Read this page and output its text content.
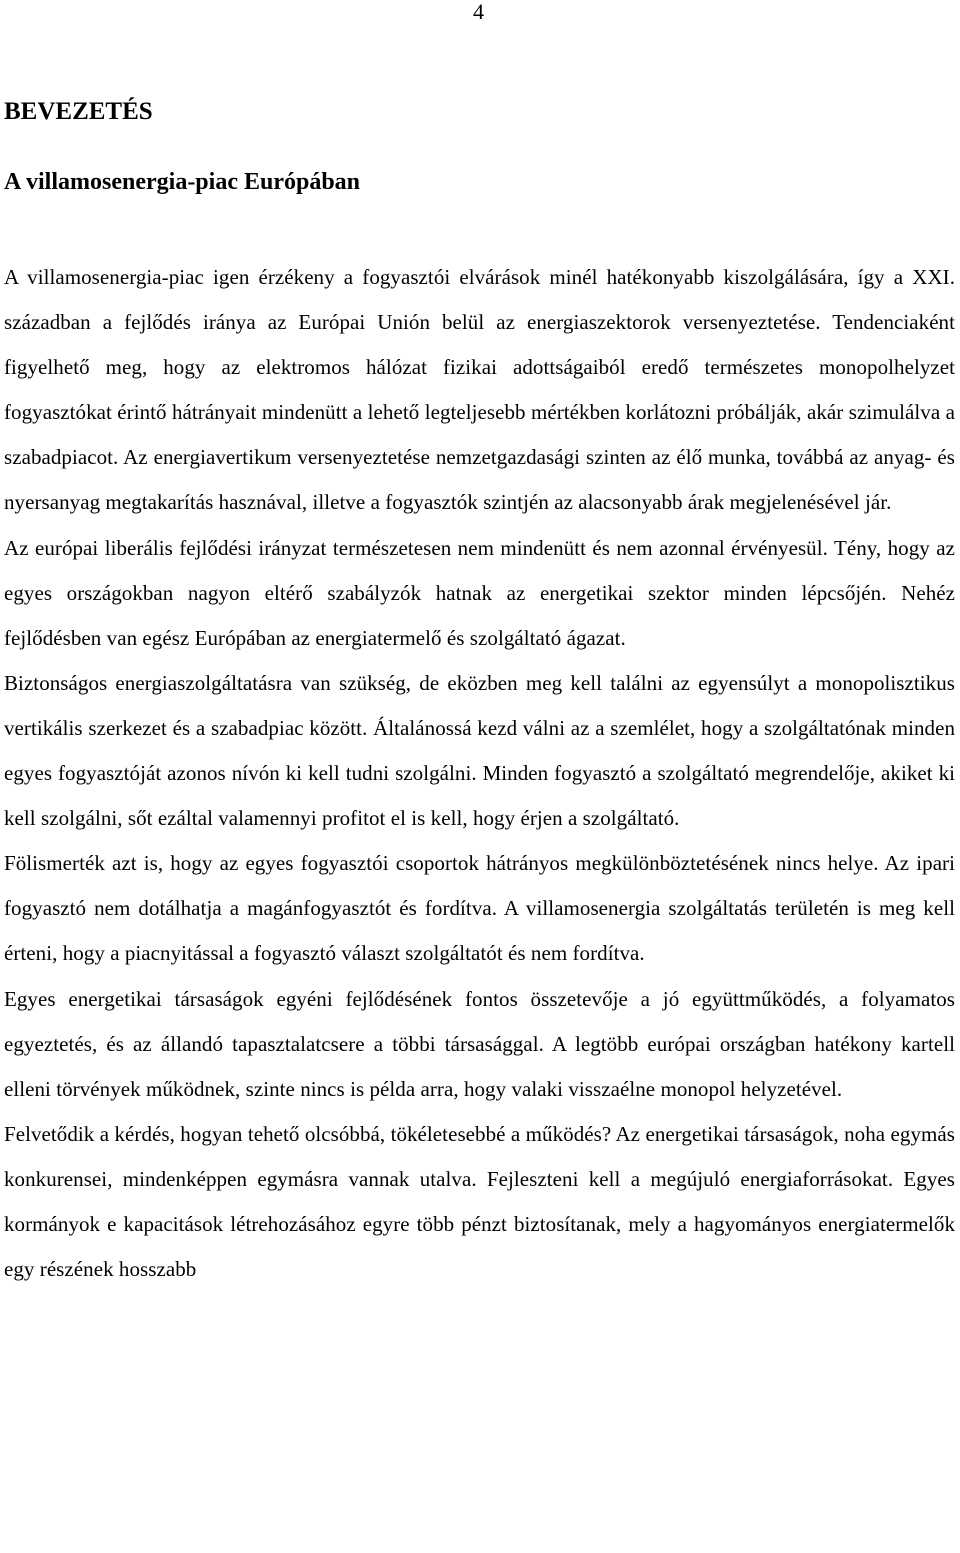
4
BEVEZETÉS
A villamosenergia-piac Európában

A villamosenergia-piac igen érzékeny a fogyasztói elvárások minél hatékonyabb kiszolgálására, így a XXI. században a fejlődés iránya az Európai Unión belül az energiaszektorok versenyeztetése. Tendenciaként figyelhető meg, hogy az elektromos hálózat fizikai adottságaiból eredő természetes monopolhelyzet fogyasztókat érintő hátrányait mindenütt a lehető legteljesebb mértékben korlátozni próbálják, akár szimulálva a szabadpiacot. Az energiavertikum versenyeztetése nemzetgazdasági szinten az élő munka, továbbá az anyag- és nyersanyag megtakarítás hasznával, illetve a fogyasztók szintjén az alacsonyabb árak megjelenésével jár.

Az európai liberális fejlődési irányzat természetesen nem mindenütt és nem azonnal érvényesül. Tény, hogy az egyes országokban nagyon eltérő szabályzók hatnak az energetikai szektor minden lépcsőjén. Nehéz fejlődésben van egész Európában az energiatermelő és szolgáltató ágazat.

Biztonságos energiaszolgáltatásra van szükség, de eközben meg kell találni az egyensúlyt a monopolisztikus vertikális szerkezet és a szabadpiac között. Általánossá kezd válni az a szemlélet, hogy a szolgáltatónak minden egyes fogyasztóját azonos nívón ki kell tudni szolgálni. Minden fogyasztó a szolgáltató megrendelője, akiket ki kell szolgálni, sőt ezáltal valamennyi profitot el is kell, hogy érjen a szolgáltató.

Fölismerték azt is, hogy az egyes fogyasztói csoportok hátrányos megkülönböztetésének nincs helye. Az ipari fogyasztó nem dotálhatja a magánfogyasztót és fordítva. A villamosenergia szolgáltatás területén is meg kell érteni, hogy a piacnyitással a fogyasztó választ szolgáltatót és nem fordítva.

Egyes energetikai társaságok egyéni fejlődésének fontos összetevője a jó együttműködés, a folyamatos egyeztetés, és az állandó tapasztalatcsere a többi társasággal. A legtöbb európai országban hatékony kartell elleni törvények működnek, szinte nincs is példa arra, hogy valaki visszaélne monopol helyzetével.

Felvetődik a kérdés, hogyan tehető olcsóbbá, tökéletesebbé a működés? Az energetikai társaságok, noha egymás konkurensei, mindenképpen egymásra vannak utalva. Fejleszteni kell a megújuló energiaforrásokat. Egyes kormányok e kapacitások létrehozásához egyre több pénzt biztosítanak, mely a hagyományos energiatermelők egy részének hosszabb
